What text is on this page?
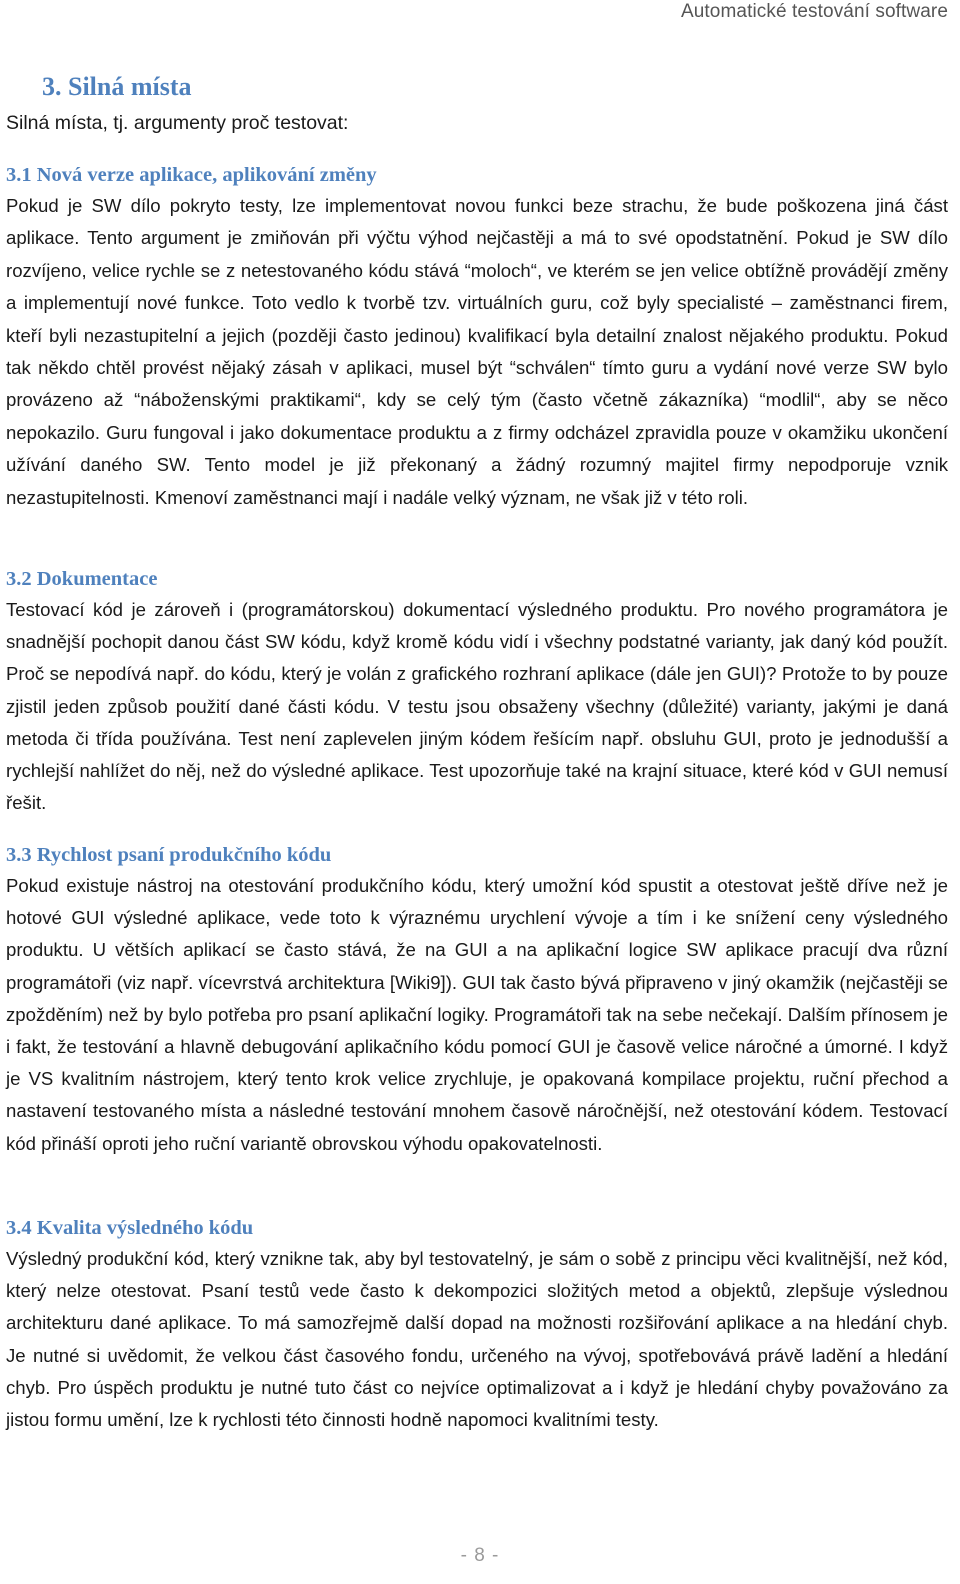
Automatické testování software
3. Silná místa

Silná místa, tj. argumenty proč testovat:

3.1 Nová verze aplikace, aplikování změny

Pokud je SW dílo pokryto testy, lze implementovat novou funkci beze strachu, že bude poškozena jiná část aplikace. Tento argument je zmiňován při výčtu výhod nejčastěji a má to své opodstatnění. Pokud je SW dílo rozvíjeno, velice rychle se z netestovaného kódu stává “moloch“, ve kterém se jen velice obtížně provádějí změny a implementují nové funkce. Toto vedlo k tvorbě tzv. virtuálních guru, což byly specialisté – zaměstnanci firem, kteří byli nezastupitelní a jejich (později často jedinou) kvalifikací byla detailní znalost nějakého produktu. Pokud tak někdo chtěl provést nějaký zásah v aplikaci, musel být “schválen“ tímto guru a vydání nové verze SW bylo provázeno až “náboženskými praktikami“, kdy se celý tým (často včetně zákazníka) “modlil“, aby se něco nepokazilo. Guru fungoval i jako dokumentace produktu a z firmy odcházel zpravidla pouze v okamžiku ukončení užívání daného SW. Tento model je již překonaný a žádný rozumný majitel firmy nepodporuje vznik nezastupitelnosti. Kmenoví zaměstnanci mají i nadále velký význam, ne však již v této roli.

3.2 Dokumentace

Testovací kód je zároveň i (programátorskou) dokumentací výsledného produktu. Pro nového programátora je snadnější pochopit danou část SW kódu, když kromě kódu vidí i všechny podstatné varianty, jak daný kód použít. Proč se nepodívá např. do kódu, který je volán z grafického rozhraní aplikace (dále jen GUI)? Protože to by pouze zjistil jeden způsob použití dané části kódu. V testu jsou obsaženy všechny (důležité) varianty, jakými je daná metoda či třída používána. Test není zaplevelen jiným kódem řešícím např. obsluhu GUI, proto je jednodušší a rychlejší nahlížet do něj, než do výsledné aplikace. Test upozorňuje také na krajní situace, které kód v GUI nemusí řešit.

3.3 Rychlost psaní produkčního kódu

Pokud existuje nástroj na otestování produkčního kódu, který umožní kód spustit a otestovat ještě dříve než je hotové GUI výsledné aplikace, vede toto k výraznému urychlení vývoje a tím i ke snížení ceny výsledného produktu. U větších aplikací se často stává, že na GUI a na aplikační logice SW aplikace pracují dva různí programátoři (viz např. vícevrstvá architektura [Wiki9]). GUI tak často bývá připraveno v jiný okamžik (nejčastěji se zpožděním) než by bylo potřeba pro psaní aplikační logiky. Programátoři tak na sebe nečekají. Dalším přínosem je i fakt, že testování a hlavně debugování aplikačního kódu pomocí GUI je časově velice náročné a úmorné. I když je VS kvalitním nástrojem, který tento krok velice zrychluje, je opakovaná kompilace projektu, ruční přechod a nastavení testovaného místa a následné testování mnohem časově náročnější, než otestování kódem. Testovací kód přináší oproti jeho ruční variantě obrovskou výhodu opakovatelnosti.

3.4 Kvalita výsledného kódu

Výsledný produkční kód, který vznikne tak, aby byl testovatelný, je sám o sobě z principu věci kvalitnější, než kód, který nelze otestovat. Psaní testů vede často k dekompozici složitých metod a objektů, zlepšuje výslednou architekturu dané aplikace. To má samozřejmě další dopad na možnosti rozšiřování aplikace a na hledání chyb. Je nutné si uvědomit, že velkou část časového fondu, určeného na vývoj, spotřebovává právě ladění a hledání chyb. Pro úspěch produktu je nutné tuto část co nejvíce optimalizovat a i když je hledání chyby považováno za jistou formu umění, lze k rychlosti této činnosti hodně napomoci kvalitními testy.

- 8 -
